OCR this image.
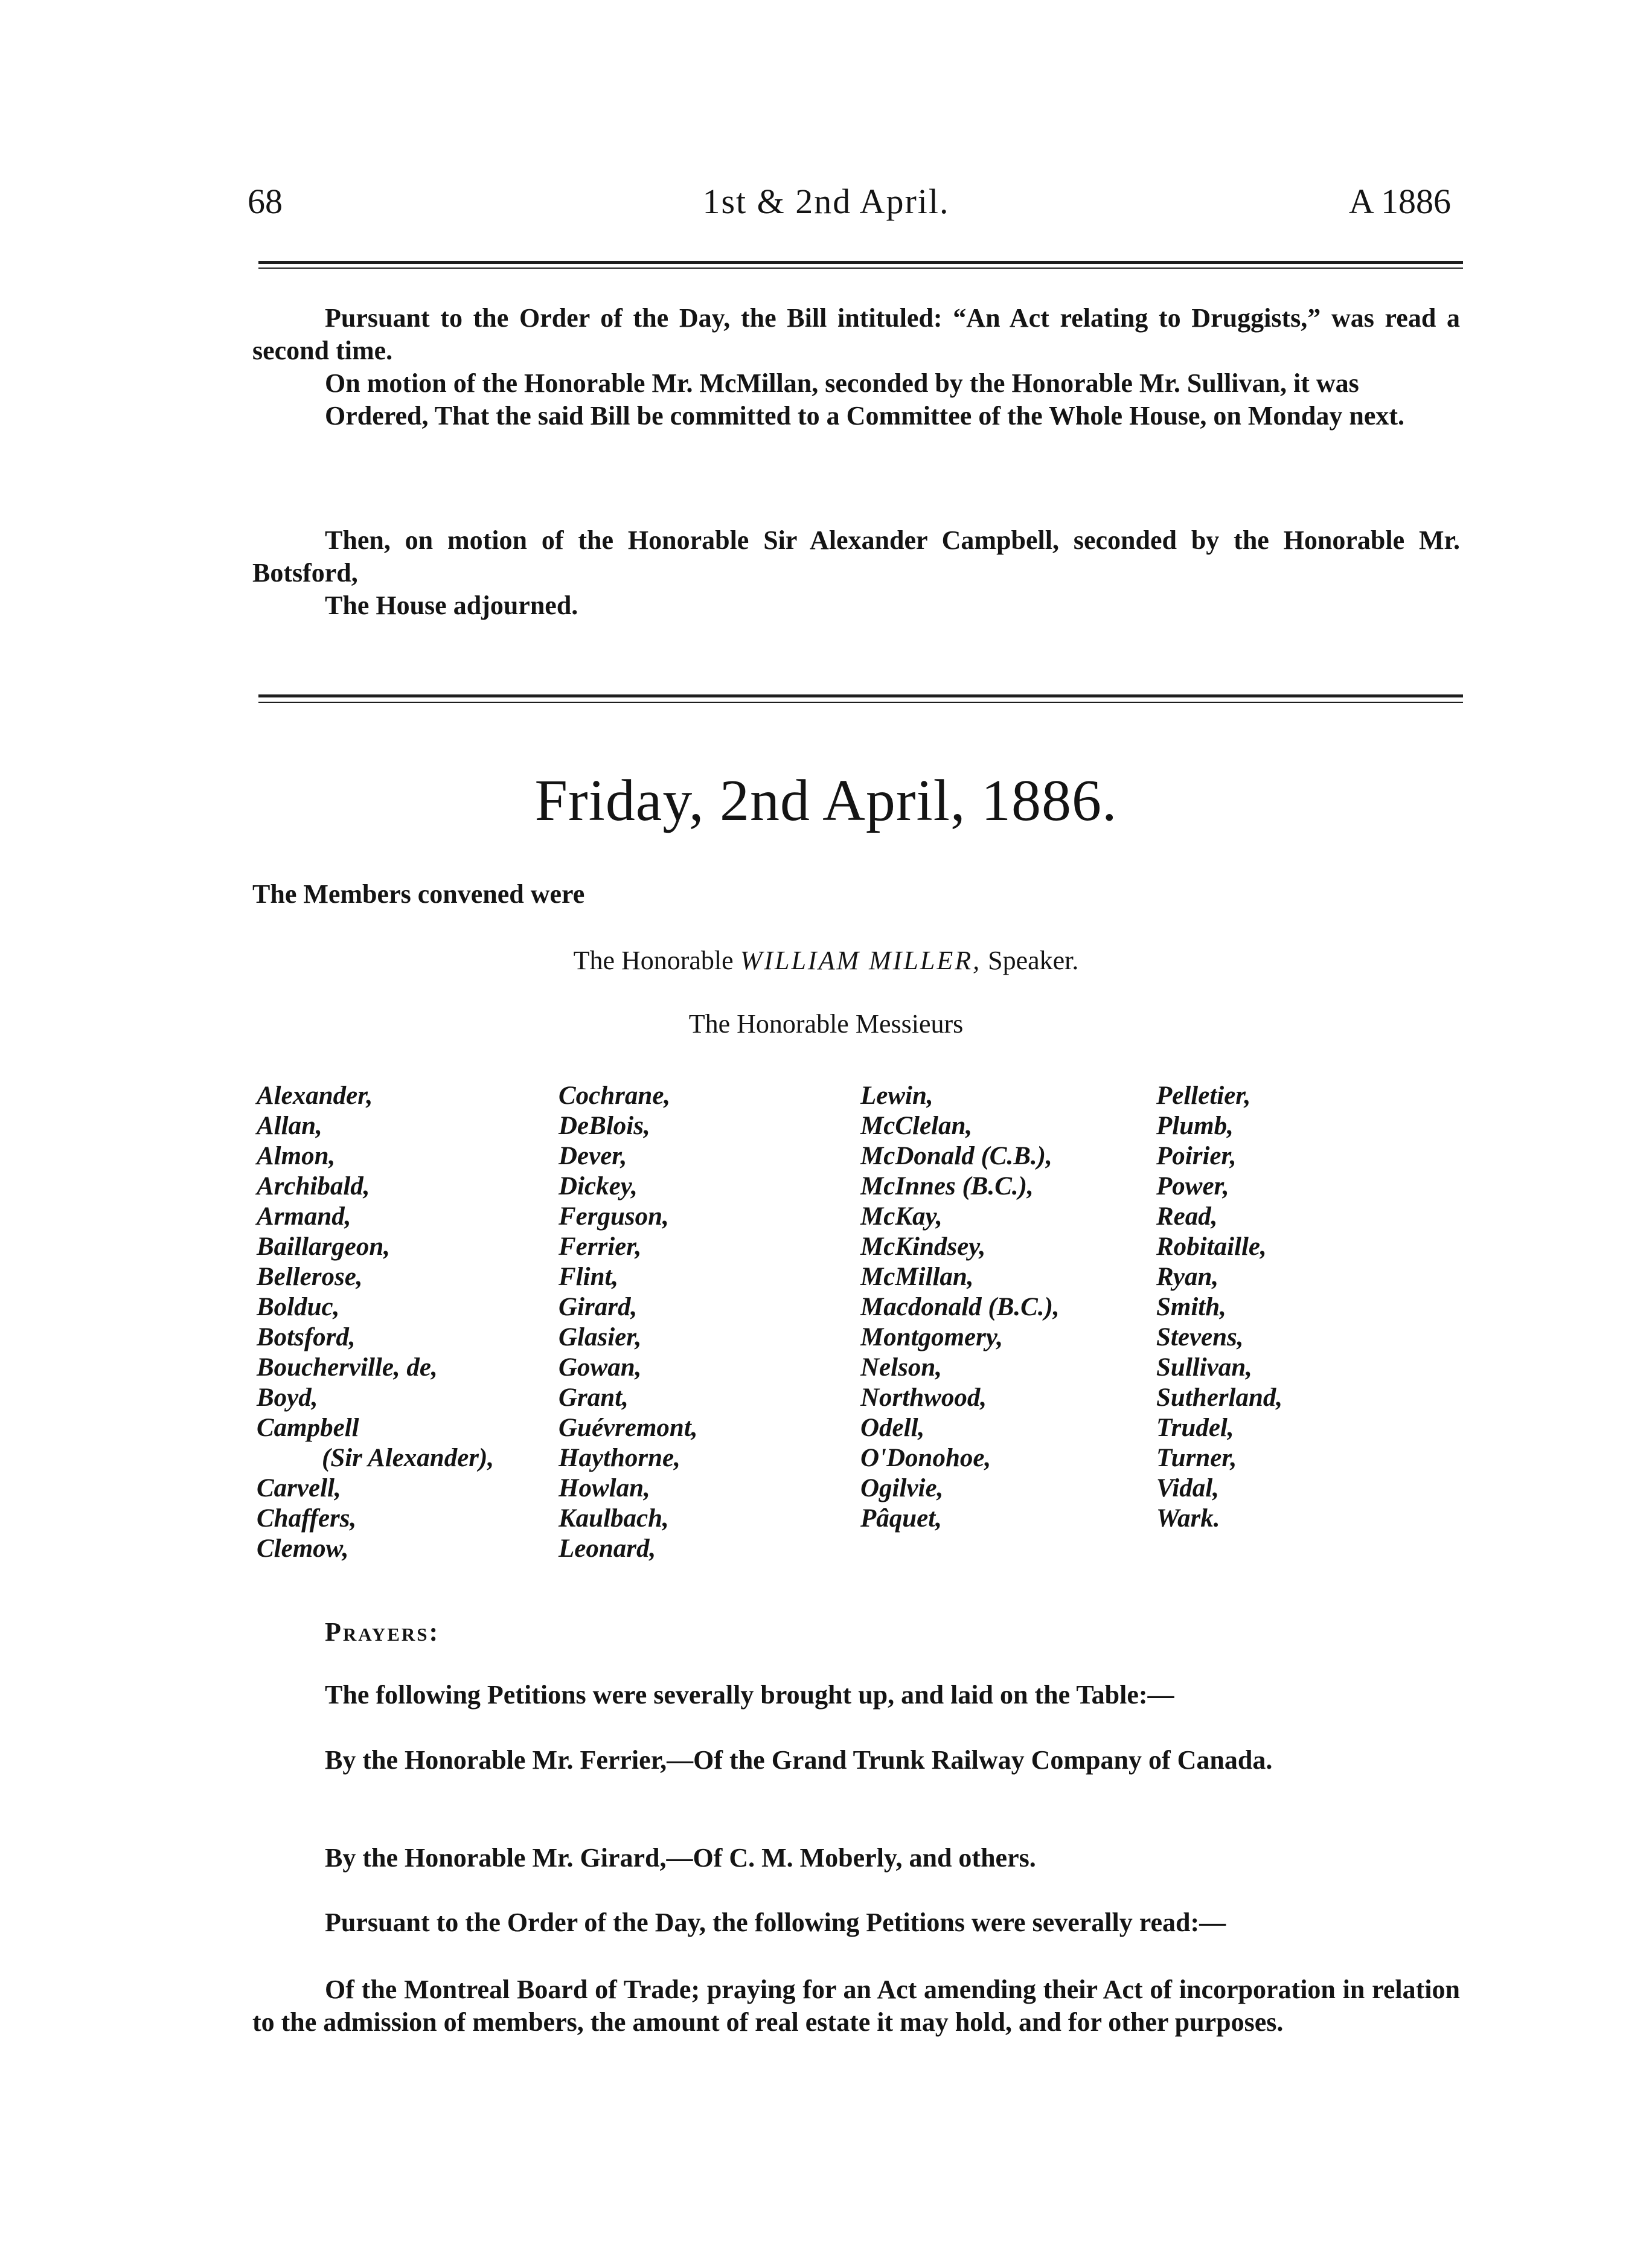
68	1st & 2nd April.	A 1886

Pursuant to the Order of the Day, the Bill intituled: “An Act relating to Druggists,” was read a second time.

On motion of the Honorable Mr. McMillan, seconded by the Honorable Mr. Sullivan, it was

Ordered, That the said Bill be committed to a Committee of the Whole House, on Monday next.

Then, on motion of the Honorable Sir Alexander Campbell, seconded by the Honorable Mr. Botsford,

The House adjourned.

Friday, 2nd April, 1886.
The Members convened were
The Honorable WILLIAM MILLER, Speaker.
The Honorable Messieurs
Alexander,
Allan,
Almon,
Archibald,
Armand,
Baillargeon,
Bellerose,
Bolduc,
Botsford,
Boucherville, de,
Boyd,
Campbell
(Sir Alexander),
Carvell,
Chaffers,
Clemow,
Cochrane,
DeBlois,
Dever,
Dickey,
Ferguson,
Ferrier,
Flint,
Girard,
Glasier,
Gowan,
Grant,
Guévremont,
Haythorne,
Howlan,
Kaulbach,
Leonard,
Lewin,
McClelan,
McDonald (C.B.),
McInnes (B.C.),
McKay,
McKindsey,
McMillan,
Macdonald (B.C.),
Montgomery,
Nelson,
Northwood,
Odell,
O'Donohoe,
Ogilvie,
Pâquet,
Pelletier,
Plumb,
Poirier,
Power,
Read,
Robitaille,
Ryan,
Smith,
Stevens,
Sullivan,
Sutherland,
Trudel,
Turner,
Vidal,
Wark.
Prayers:

The following Petitions were severally brought up, and laid on the Table:—

By the Honorable Mr. Ferrier,—Of the Grand Trunk Railway Company of Canada.

By the Honorable Mr. Girard,—Of C. M. Moberly, and others.

Pursuant to the Order of the Day, the following Petitions were severally read:—

Of the Montreal Board of Trade; praying for an Act amending their Act of incorporation in relation to the admission of members, the amount of real estate it may hold, and for other purposes.
